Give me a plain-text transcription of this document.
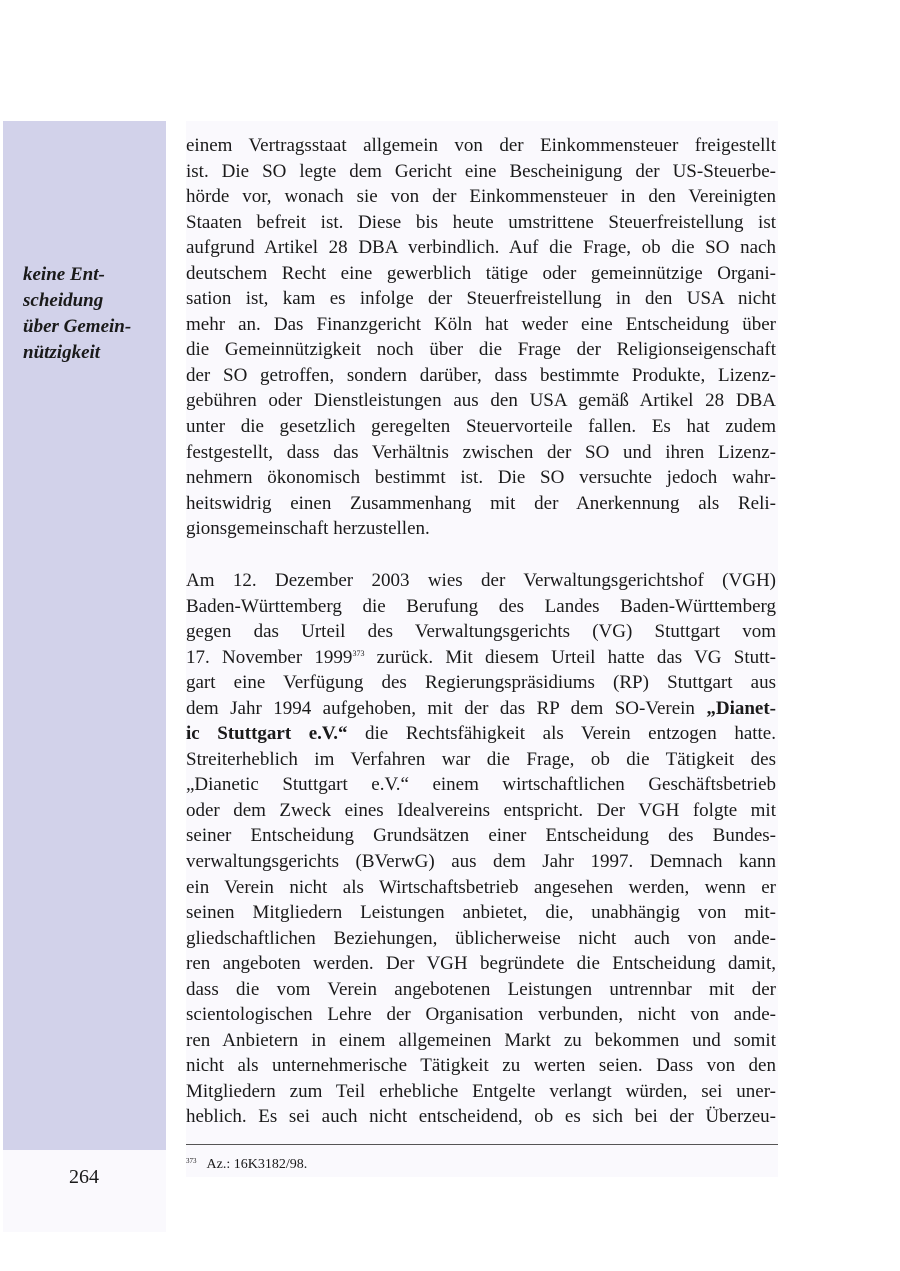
keine Ent-
scheidung
über Gemein-
nützigkeit
264
einem Vertragsstaat allgemein von der Einkommensteuer freigestellt
ist. Die SO legte dem Gericht eine Bescheinigung der US-Steuerbe-
hörde vor, wonach sie von der Einkommensteuer in den Vereinigten
Staaten befreit ist. Diese bis heute umstrittene Steuerfreistellung ist
aufgrund Artikel 28 DBA verbindlich. Auf die Frage, ob die SO nach
deutschem Recht eine gewerblich tätige oder gemeinnützige Organi-
sation ist, kam es infolge der Steuerfreistellung in den USA nicht
mehr an. Das Finanzgericht Köln hat weder eine Entscheidung über
die Gemeinnützigkeit noch über die Frage der Religionseigenschaft
der SO getroffen, sondern darüber, dass bestimmte Produkte, Lizenz-
gebühren oder Dienstleistungen aus den USA gemäß Artikel 28 DBA
unter die gesetzlich geregelten Steuervorteile fallen. Es hat zudem
festgestellt, dass das Verhältnis zwischen der SO und ihren Lizenz-
nehmern ökonomisch bestimmt ist. Die SO versuchte jedoch wahr-
heitswidrig einen Zusammenhang mit der Anerkennung als Reli-
gionsgemeinschaft herzustellen.
Am 12. Dezember 2003 wies der Verwaltungsgerichtshof (VGH)
Baden-Württemberg die Berufung des Landes Baden-Württemberg
gegen das Urteil des Verwaltungsgerichts (VG) Stuttgart vom
17. November 1999$^{373}$ zurück. Mit diesem Urteil hatte das VG Stutt-
gart eine Verfügung des Regierungspräsidiums (RP) Stuttgart aus
dem Jahr 1994 aufgehoben, mit der das RP dem SO-Verein „Dianet-
ic Stuttgart e.V.“ die Rechtsfähigkeit als Verein entzogen hatte.
Streiterheblich im Verfahren war die Frage, ob die Tätigkeit des
„Dianetic Stuttgart e.V.“ einem wirtschaftlichen Geschäftsbetrieb
oder dem Zweck eines Idealvereins entspricht. Der VGH folgte mit
seiner Entscheidung Grundsätzen einer Entscheidung des Bundes-
verwaltungsgerichts (BVerwG) aus dem Jahr 1997. Demnach kann
ein Verein nicht als Wirtschaftsbetrieb angesehen werden, wenn er
seinen Mitgliedern Leistungen anbietet, die, unabhängig von mit-
gliedschaftlichen Beziehungen, üblicherweise nicht auch von ande-
ren angeboten werden. Der VGH begründete die Entscheidung damit,
dass die vom Verein angebotenen Leistungen untrennbar mit der
scientologischen Lehre der Organisation verbunden, nicht von ande-
ren Anbietern in einem allgemeinen Markt zu bekommen und somit
nicht als unternehmerische Tätigkeit zu werten seien. Dass von den
Mitgliedern zum Teil erhebliche Entgelte verlangt würden, sei uner-
heblich. Es sei auch nicht entscheidend, ob es sich bei der Überzeu-
$^{373}$ Az.: 16K3182/98.
